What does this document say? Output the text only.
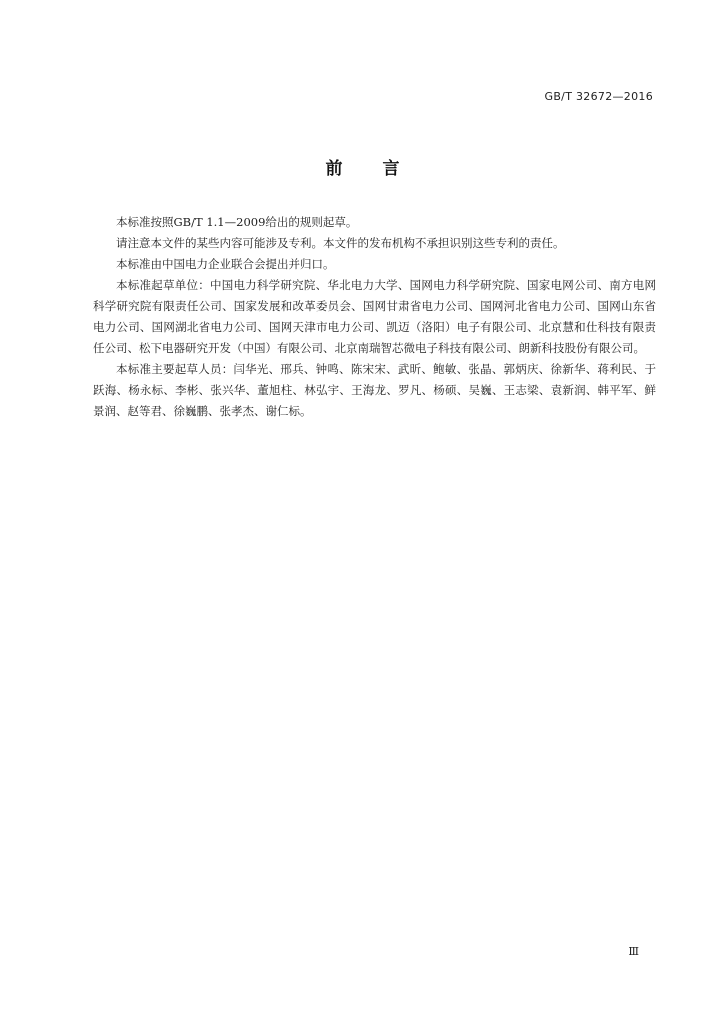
GB/T 32672—2016
前言

本标准按照GB/T 1.1—2009给出的规则起草。

请注意本文件的某些内容可能涉及专利。本文件的发布机构不承担识别这些专利的责任。

本标准由中国电力企业联合会提出并归口。

本标准起草单位：中国电力科学研究院、华北电力大学、国网电力科学研究院、国家电网公司、南方电网科学研究院有限责任公司、国家发展和改革委员会、国网甘肃省电力公司、国网河北省电力公司、国网山东省电力公司、国网湖北省电力公司、国网天津市电力公司、凯迈（洛阳）电子有限公司、北京慧和仕科技有限责任公司、松下电器研究开发（中国）有限公司、北京南瑞智芯微电子科技有限公司、朗新科技股份有限公司。

本标准主要起草人员：闫华光、邢兵、钟鸣、陈宋宋、武昕、鲍敏、张晶、郭炳庆、徐新华、蒋利民、于跃海、杨永标、李彬、张兴华、董旭柱、林弘宇、王海龙、罗凡、杨硕、吴巍、王志梁、袁新润、韩平军、鲜景润、赵等君、徐巍鹏、张孝杰、谢仁标。

Ⅲ
